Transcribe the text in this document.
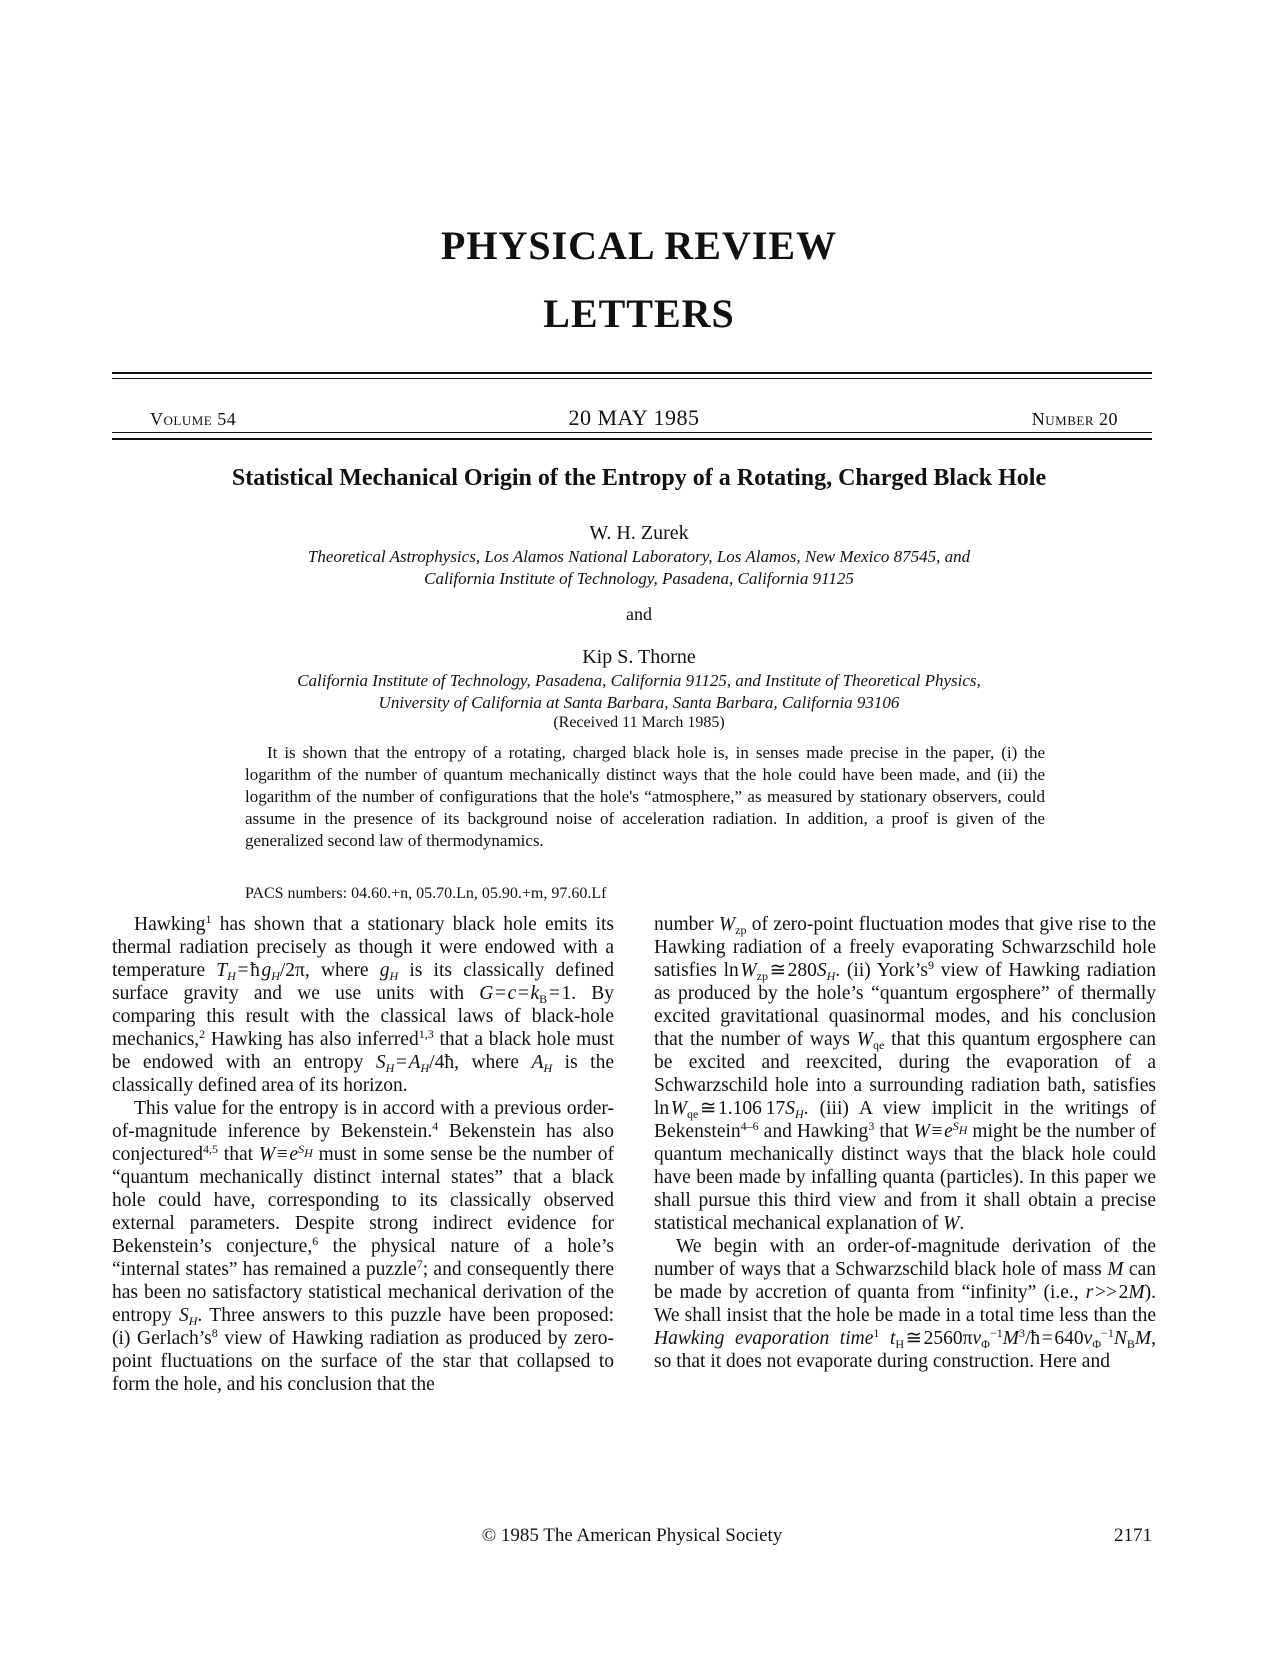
PHYSICAL REVIEW
LETTERS
Volume 54	20 MAY 1985	Number 20
Statistical Mechanical Origin of the Entropy of a Rotating, Charged Black Hole
W. H. Zurek
Theoretical Astrophysics, Los Alamos National Laboratory, Los Alamos, New Mexico 87545, and
California Institute of Technology, Pasadena, California 91125
and
Kip S. Thorne
California Institute of Technology, Pasadena, California 91125, and Institute of Theoretical Physics,
University of California at Santa Barbara, Santa Barbara, California 93106
(Received 11 March 1985)
It is shown that the entropy of a rotating, charged black hole is, in senses made precise in the paper, (i) the logarithm of the number of quantum mechanically distinct ways that the hole could have been made, and (ii) the logarithm of the number of configurations that the hole's “atmosphere,” as measured by stationary observers, could assume in the presence of its background noise of acceleration radiation. In addition, a proof is given of the generalized second law of thermodynamics.
PACS numbers: 04.60.+n, 05.70.Ln, 05.90.+m, 97.60.Lf

Hawking$^1$ has shown that a stationary black hole emits its thermal radiation precisely as though it were endowed with a temperature $T_H$ = ħ $g_H/2\pi$, where $g_H$ is its classically defined surface gravity and we use units with G = c = $k_B$ = 1. By comparing this result with the classical laws of black-hole mechanics,$^2$ Hawking has also inferred$^{1,3}$ that a black hole must be endowed with an entropy $S_H$ = $A_H/4ħ$, where $A_H$ is the classically defined area of its horizon.

This value for the entropy is in accord with a previous order-of-magnitude inference by Bekenstein.$^4$ Bekenstein has also conjectured$^{4,5}$ that W ≡ $e^{S_H}$ must in some sense be the number of “quantum mechanically distinct internal states” that a black hole could have, corresponding to its classically observed external parameters. Despite strong indirect evidence for Bekenstein’s conjecture,$^6$ the physical nature of a hole’s “internal states” has remained a puzzle$^7$; and consequently there has been no satisfactory statistical mechanical derivation of the entropy $S_H$. Three answers to this puzzle have been proposed: (i) $Gerlach’s^8$ view of Hawking radiation as produced by zero-point fluctuations on the surface of the star that collapsed to form the hole, and his conclusion that the

number $W_{zp}$ of zero-point fluctuation modes that give rise to the Hawking radiation of a freely evaporating Schwarzschild hole satisfies ln $W_{zp}$ ≅ $280S_H$. (ii) $York’s^9$ view of Hawking radiation as produced by the hole’s “quantum ergosphere” of thermally excited gravitational quasinormal modes, and his conclusion that the number of ways $W_{qe}$ that this quantum ergosphere can be excited and reexcited, during the evaporation of a Schwarzschild hole into a surrounding radiation bath, satisfies ln $W_{qe}$ ≅ 1.106 $17S_H$. (iii) A view implicit in the writings of Bekenstein$^{4-6}$ and Hawking$^3$ that W ≡ $e^{S_H}$ might be the number of quantum mechanically distinct ways that the black hole could have been made by infalling quanta (particles). In this paper we shall pursue this third view and from it shall obtain a precise statistical mechanical explanation of W.

We begin with an order-of-magnitude derivation of the number of ways that a Schwarzschild black hole of mass M can be made by accretion of quanta from “infinity” (i.e., r >> 2M). We shall insist that the hole be made in a total time less than the Hawking evaporation time$^1$ $t_H$ ≅ $2560\pi\nu_\Phi^{-1}M^3/ħ$ = $640\nu_\Phi^{-1}N_BM$, so that it does not evaporate during construction. Here and

© 1985 The American Physical Society	2171
